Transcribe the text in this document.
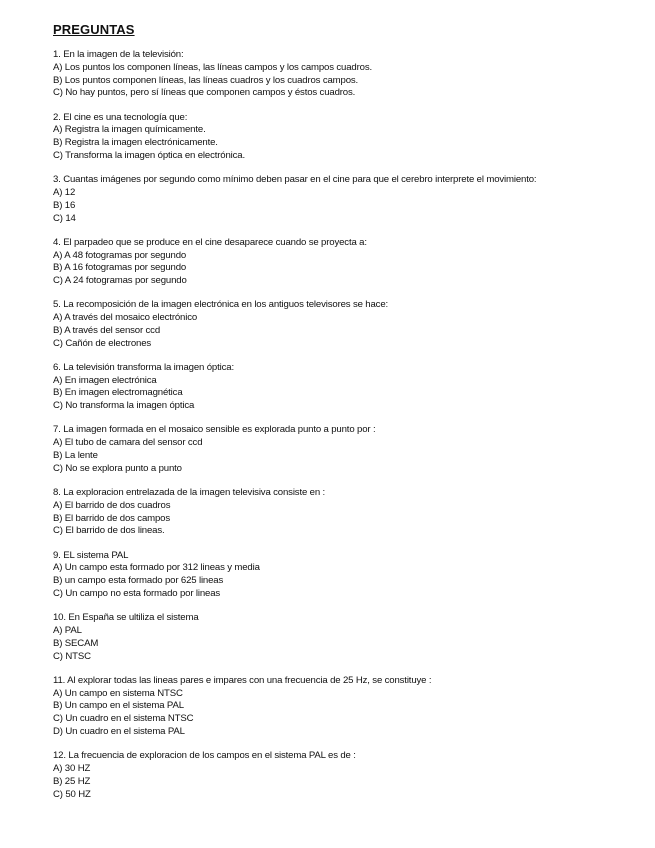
PREGUNTAS
1. En la imagen de la televisión:
A) Los puntos los componen líneas, las líneas campos y los campos cuadros.
B) Los puntos componen líneas, las líneas cuadros y los cuadros campos.
C) No hay puntos, pero sí líneas que componen campos y éstos cuadros.
2. El cine es una tecnología que:
A) Registra la imagen químicamente.
B) Registra la imagen electrónicamente.
C) Transforma la imagen óptica en electrónica.
3. Cuantas imágenes por segundo como mínimo deben pasar en el cine para que el cerebro interprete el movimiento:
A) 12
B) 16
C) 14
4. El parpadeo que se produce en el cine desaparece cuando se proyecta a:
A) A 48 fotogramas por segundo
B) A 16 fotogramas por segundo
C) A 24 fotogramas por segundo
5. La recomposición de la imagen electrónica en los antiguos televisores se hace:
A) A través del mosaico electrónico
B) A través del sensor ccd
C) Cañón de electrones
6. La televisión transforma la imagen óptica:
A) En imagen electrónica
B) En imagen electromagnética
C) No transforma la imagen óptica
7. La imagen formada en el mosaico sensible es explorada punto a punto por :
A) El tubo de camara del sensor ccd
B) La lente
C) No se explora punto a punto
8. La exploracion entrelazada de la imagen televisiva consiste en :
A) El barrido de dos cuadros
B) El barrido de dos campos
C) El barrido de dos lineas.
9. EL sistema PAL
A) Un campo esta formado por 312 lineas y media
B) un campo esta formado por 625 lineas
C) Un campo no esta formado por lineas
10. En España se ultiliza el sistema
A) PAL
B) SECAM
C) NTSC
11. Al explorar todas las lineas pares e impares con una frecuencia de 25 Hz, se constituye :
A) Un campo en sistema NTSC
B) Un campo en el sistema PAL
C) Un cuadro en el sistema NTSC
D) Un cuadro en el sistema PAL
12. La frecuencia de exploracion de los campos en el sistema PAL es de :
A) 30 HZ
B) 25 HZ
C) 50 HZ
